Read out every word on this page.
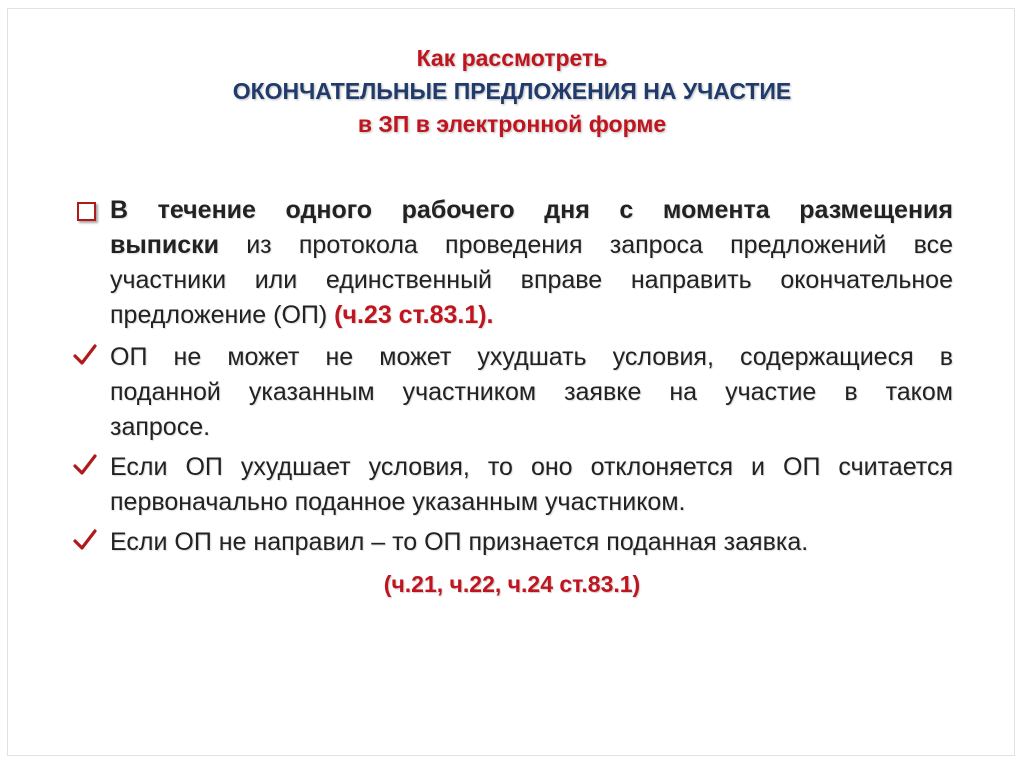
Как рассмотреть
ОКОНЧАТЕЛЬНЫЕ ПРЕДЛОЖЕНИЯ НА УЧАСТИЕ
в ЗП в электронной форме
В течение одного рабочего дня с момента размещения
выписки из протокола проведения запроса предложений все
участники или единственный вправе направить окончательное
предложение (ОП) (ч.23 ст.83.1).
ОП не может не может ухудшать условия, содержащиеся в
поданной указанным участником заявке на участие в таком
запросе.
Если ОП ухудшает условия, то оно отклоняется и ОП считается
первоначально поданное указанным участником.
Если ОП не направил – то ОП признается поданная заявка.
(ч.21, ч.22, ч.24 ст.83.1)
